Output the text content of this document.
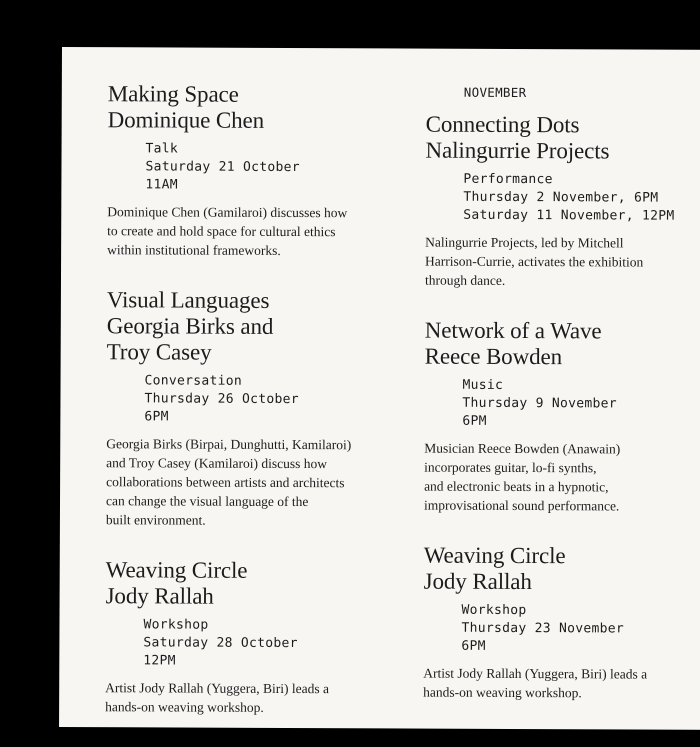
Making Space
Dominique Chen
Talk
Saturday 21 October
11AM

Dominique Chen (Gamilaroi) discusses how
to create and hold space for cultural ethics
within institutional frameworks.

Visual Languages
Georgia Birks and
Troy Casey
Conversation
Thursday 26 October
6PM

Georgia Birks (Birpai, Dunghutti, Kamilaroi)
and Troy Casey (Kamilaroi) discuss how
collaborations between artists and architects
can change the visual language of the
built environment.

Weaving Circle
Jody Rallah
Workshop
Saturday 28 October
12PM

Artist Jody Rallah (Yuggera, Biri) leads a
hands-on weaving workshop.

NOVEMBER
Connecting Dots
Nalingurrie Projects
Performance
Thursday 2 November, 6PM
Saturday 11 November, 12PM

Nalingurrie Projects, led by Mitchell
Harrison-Currie, activates the exhibition
through dance.

Network of a Wave
Reece Bowden
Music
Thursday 9 November
6PM

Musician Reece Bowden (Anawain)
incorporates guitar, lo-fi synths,
and electronic beats in a hypnotic,
improvisational sound performance.

Weaving Circle
Jody Rallah
Workshop
Thursday 23 November
6PM

Artist Jody Rallah (Yuggera, Biri) leads a
hands-on weaving workshop.
